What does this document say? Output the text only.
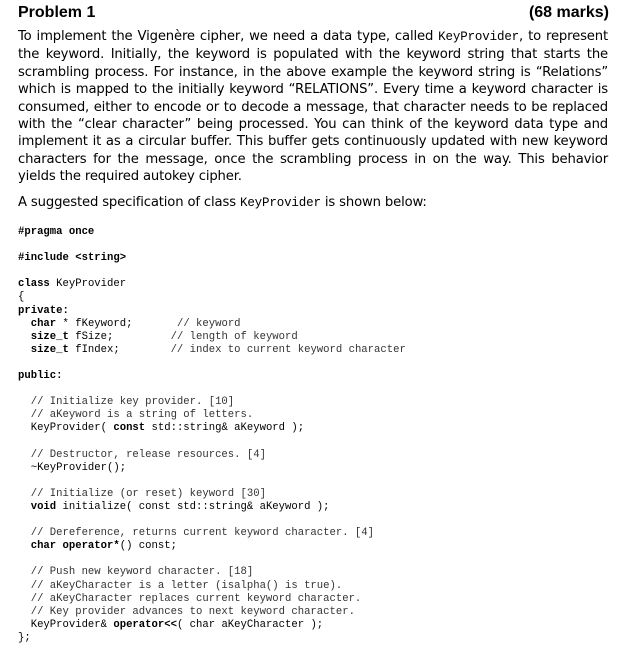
Problem 1	(68 marks)
To implement the Vigenère cipher, we need a data type, called KeyProvider, to represent the keyword. Initially, the keyword is populated with the keyword string that starts the scrambling process. For instance, in the above example the keyword string is “Relations” which is mapped to the initially keyword “RELATIONS”. Every time a keyword character is consumed, either to encode or to decode a message, that character needs to be replaced with the “clear character” being processed. You can think of the keyword data type and implement it as a circular buffer. This buffer gets continuously updated with new keyword characters for the message, once the scrambling process in on the way. This behavior yields the required autokey cipher.
A suggested specification of class KeyProvider is shown below:
#pragma once

#include <string>

class KeyProvider
{
private:
char * fKeyword;	// keyword
size_t fSize;	// length of keyword
size_t fIndex;	// index to current keyword character

public:

// Initialize key provider. [10]
// aKeyword is a string of letters.
KeyProvider( const std::string& aKeyword );

// Destructor, release resources. [4]
~KeyProvider();

// Initialize (or reset) keyword [30]
void initialize( const std::string& aKeyword );

// Dereference, returns current keyword character. [4]
char operator*() const;

// Push new keyword character. [18]
// aKeyCharacter is a letter (isalpha() is true).
// aKeyCharacter replaces current keyword character.
// Key provider advances to next keyword character.
KeyProvider& operator<<( char aKeyCharacter );
};
